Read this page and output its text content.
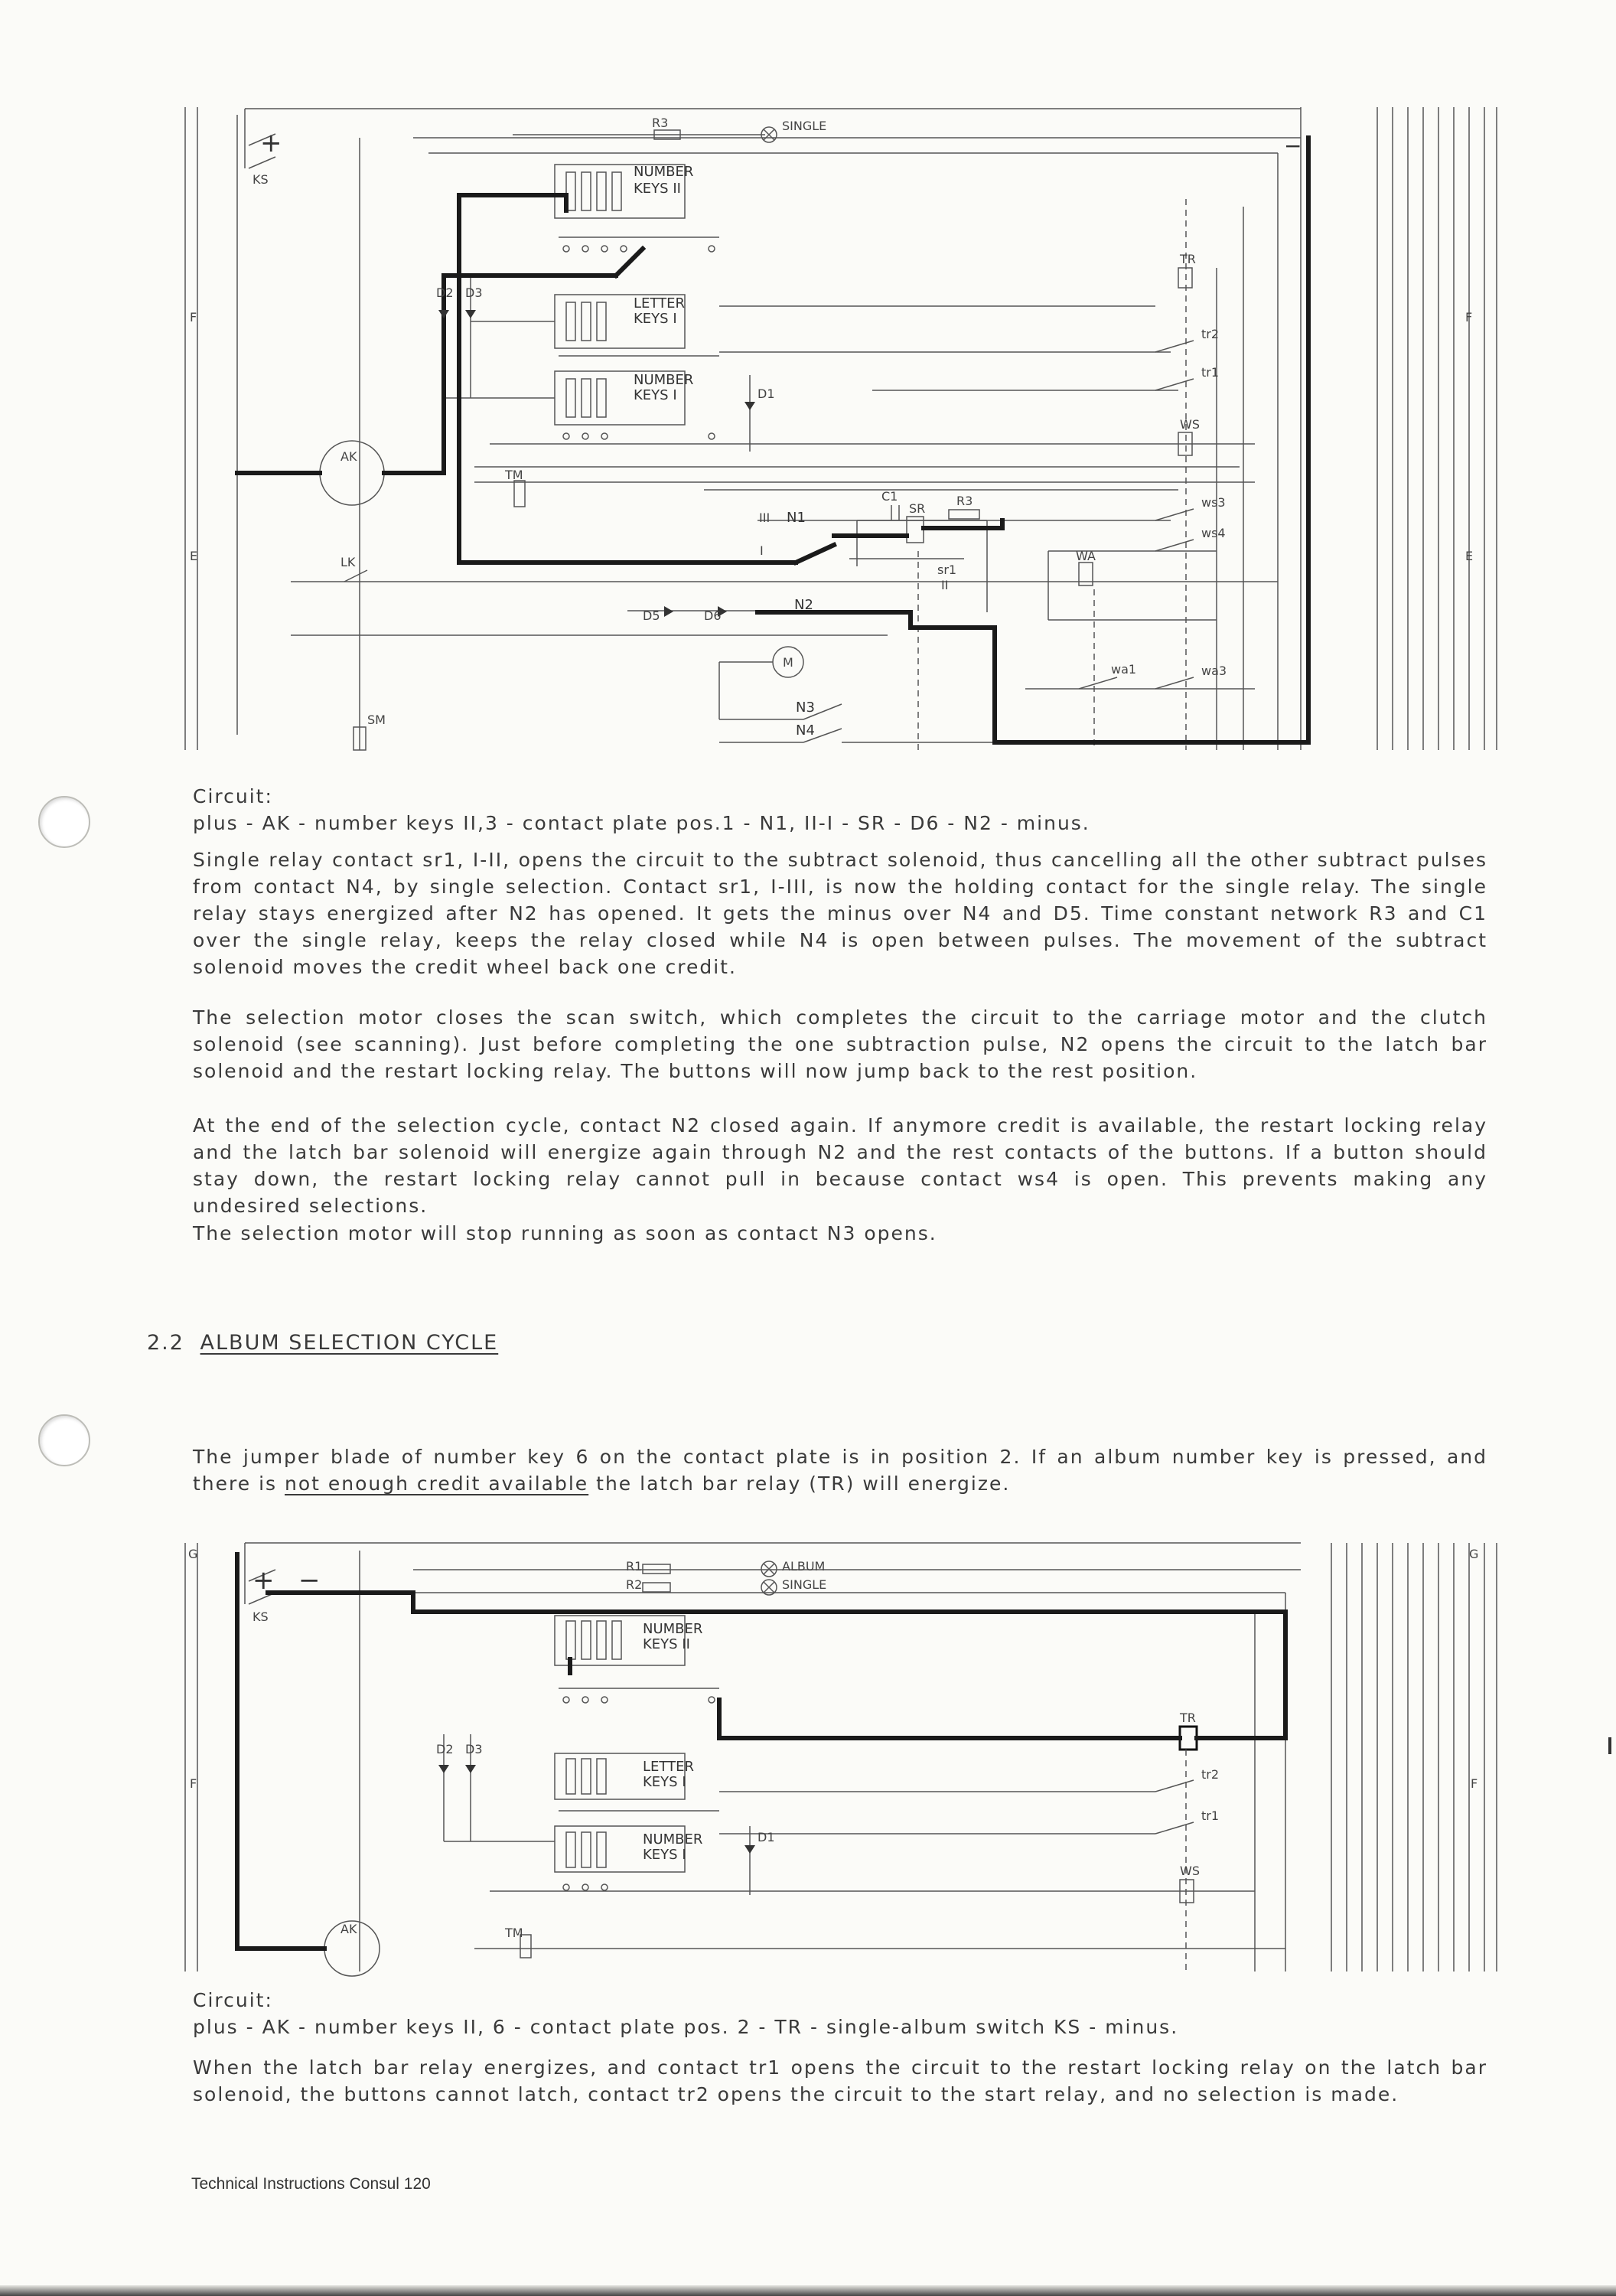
+	−
KS
R3	SINGLE
NUMBER
KEYS II
LETTER
KEYS I
NUMBER
KEYS I
D2 D3
D1
F	F
E	E
AK
TM
SM
LK
TR
tr2
tr1
WS
ws3
ws4
WA
wa1	wa3
C1	R3
SR
sr1
N1
N2
N3
N4
D5	D6
M
III
II
I

Circuit:

plus - AK - number keys II,3 - contact plate pos.1 - N1, II-I - SR - D6 - N2 - minus.

Single relay contact sr1, I-II, opens the circuit to the subtract solenoid, thus cancelling all the other subtract pulses from contact N4, by single selection. Contact sr1, I-III, is now the holding contact for the single relay. The single relay stays energized after N2 has opened. It gets the minus over N4 and D5. Time constant network R3 and C1 over the single relay, keeps the relay closed while N4 is open between pulses. The movement of the subtract solenoid moves the credit wheel back one credit.

The selection motor closes the scan switch, which completes the circuit to the carriage motor and the clutch solenoid (see scanning). Just before completing the one subtraction pulse, N2 opens the circuit to the latch bar solenoid and the restart locking relay. The buttons will now jump back to the rest position.

At the end of the selection cycle, contact N2 closed again. If anymore credit is available, the restart locking relay and the latch bar solenoid will energize again through N2 and the rest contacts of the buttons. If a button should stay down, the restart locking relay cannot pull in because contact ws4 is open. This prevents making any undesired selections.

The selection motor will stop running as soon as contact N3 opens.

2.2 ALBUM SELECTION CYCLE

The jumper blade of number key 6 on the contact plate is in position 2. If an album number key is pressed, and there is not enough credit available the latch bar relay (TR) will energize.

+ −
G
G
KS
R1
R2
ALBUM
SINGLE
NUMBER
KEYS II
LETTER
KEYS I
NUMBER
KEYS I
D2 D3
D1
F	F
AK	TM
TR
tr2
tr1
WS

Circuit:

plus - AK - number keys II, 6 - contact plate pos. 2 - TR - single-album switch KS - minus.

When the latch bar relay energizes, and contact tr1 opens the circuit to the restart locking relay on the latch bar solenoid, the buttons cannot latch, contact tr2 opens the circuit to the start relay, and no selection is made.

Technical Instructions Consul 120
